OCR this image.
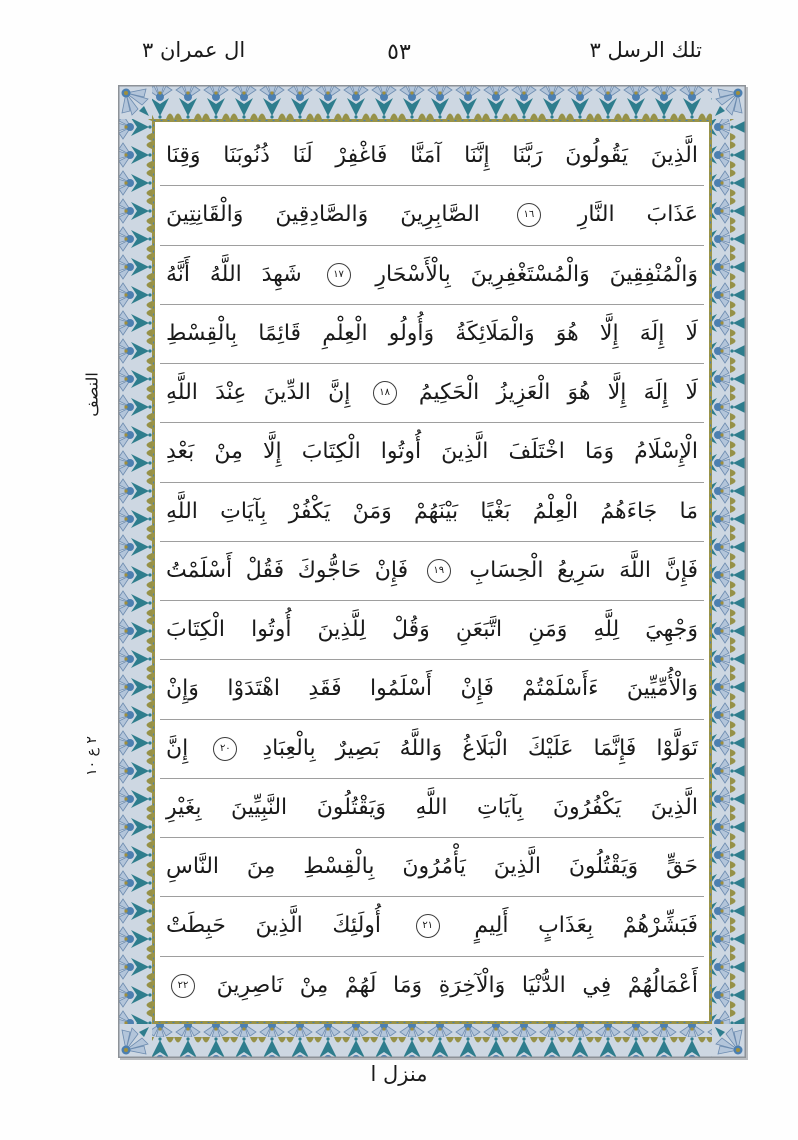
تلك الرسل ٣
٥٣
ال عمران ٣
الَّذِينَ يَقُولُونَ رَبَّنَا إِنَّنَا آمَنَّا فَاغْفِرْ لَنَا ذُنُوبَنَا وَقِنَا
عَذَابَ النَّارِ
١٦
الصَّابِرِينَ وَالصَّادِقِينَ وَالْقَانِتِينَ
وَالْمُنْفِقِينَ وَالْمُسْتَغْفِرِينَ بِالْأَسْحَارِ
١٧
شَهِدَ اللَّهُ أَنَّهُ
لَا إِلَهَ إِلَّا هُوَ وَالْمَلَائِكَةُ وَأُولُو الْعِلْمِ قَائِمًا بِالْقِسْطِ
لَا إِلَهَ إِلَّا هُوَ الْعَزِيزُ الْحَكِيمُ
١٨
إِنَّ الدِّينَ عِنْدَ اللَّهِ
الْإِسْلَامُ وَمَا اخْتَلَفَ الَّذِينَ أُوتُوا الْكِتَابَ إِلَّا مِنْ بَعْدِ
مَا جَاءَهُمُ الْعِلْمُ بَغْيًا بَيْنَهُمْ وَمَنْ يَكْفُرْ بِآيَاتِ اللَّهِ
فَإِنَّ اللَّهَ سَرِيعُ الْحِسَابِ
١٩
فَإِنْ حَاجُّوكَ فَقُلْ أَسْلَمْتُ
وَجْهِيَ لِلَّهِ وَمَنِ اتَّبَعَنِ وَقُلْ لِلَّذِينَ أُوتُوا الْكِتَابَ
وَالْأُمِّيِّينَ ءَأَسْلَمْتُمْ فَإِنْ أَسْلَمُوا فَقَدِ اهْتَدَوْا وَإِنْ
تَوَلَّوْا فَإِنَّمَا عَلَيْكَ الْبَلَاغُ وَاللَّهُ بَصِيرٌ بِالْعِبَادِ
٢٠
إِنَّ
الَّذِينَ يَكْفُرُونَ بِآيَاتِ اللَّهِ وَيَقْتُلُونَ النَّبِيِّينَ بِغَيْرِ
حَقٍّ وَيَقْتُلُونَ الَّذِينَ يَأْمُرُونَ بِالْقِسْطِ مِنَ النَّاسِ
فَبَشِّرْهُمْ بِعَذَابٍ أَلِيمٍ
٢١
أُولَئِكَ الَّذِينَ حَبِطَتْ
أَعْمَالُهُمْ فِي الدُّنْيَا وَالْآخِرَةِ وَمَا لَهُمْ مِنْ نَاصِرِينَ
٢٢
النصف
٢ ع ١٠
منزل ا
